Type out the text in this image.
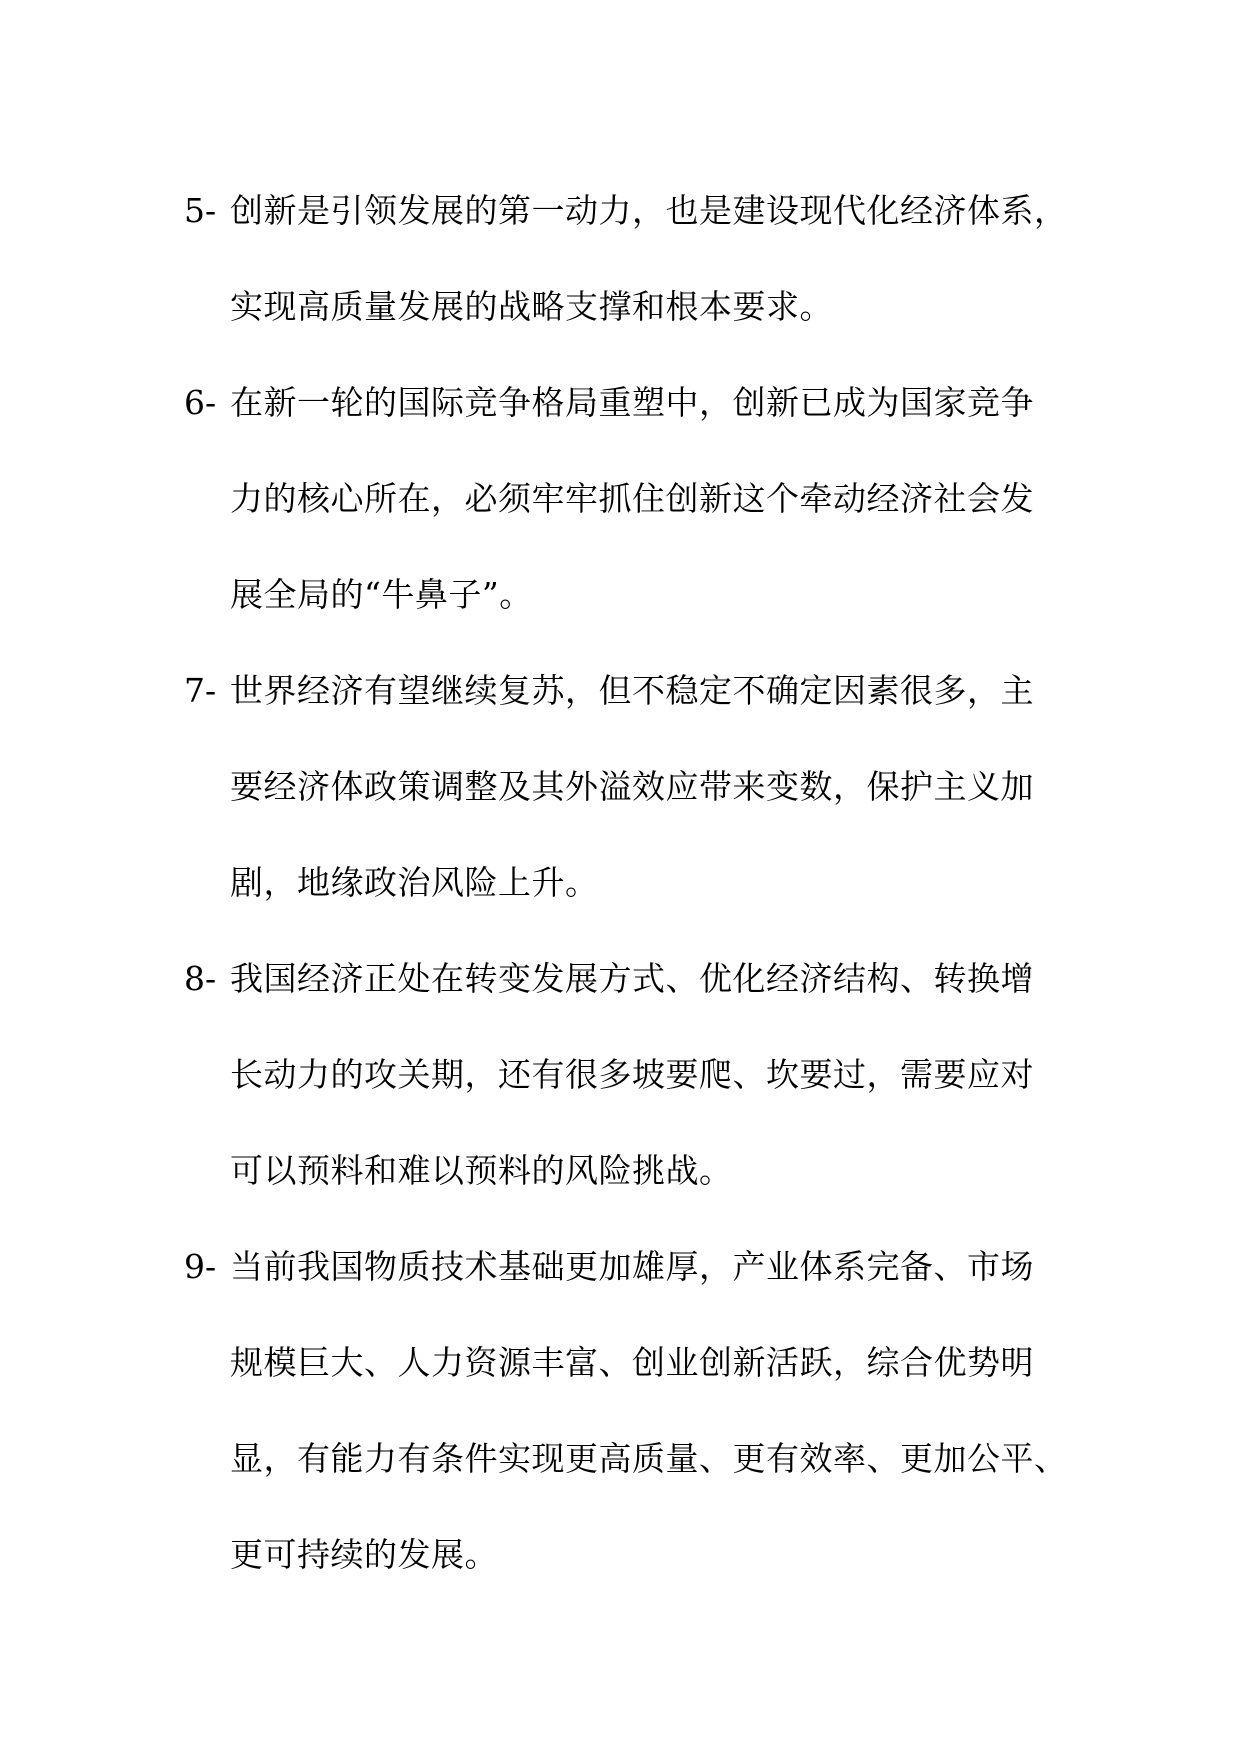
5- 创新是引领发展的第一动力，也是建设现代化经济体系，
实现高质量发展的战略支撑和根本要求。
6- 在新一轮的国际竞争格局重塑中，创新已成为国家竞争
力的核心所在，必须牢牢抓住创新这个牵动经济社会发
展全局的“牛鼻子”。
7- 世界经济有望继续复苏，但不稳定不确定因素很多，主
要经济体政策调整及其外溢效应带来变数，保护主义加
剧，地缘政治风险上升。
8- 我国经济正处在转变发展方式、优化经济结构、转换增
长动力的攻关期，还有很多坡要爬、坎要过，需要应对
可以预料和难以预料的风险挑战。
9- 当前我国物质技术基础更加雄厚，产业体系完备、市场
规模巨大、人力资源丰富、创业创新活跃，综合优势明
显，有能力有条件实现更高质量、更有效率、更加公平、
更可持续的发展。
